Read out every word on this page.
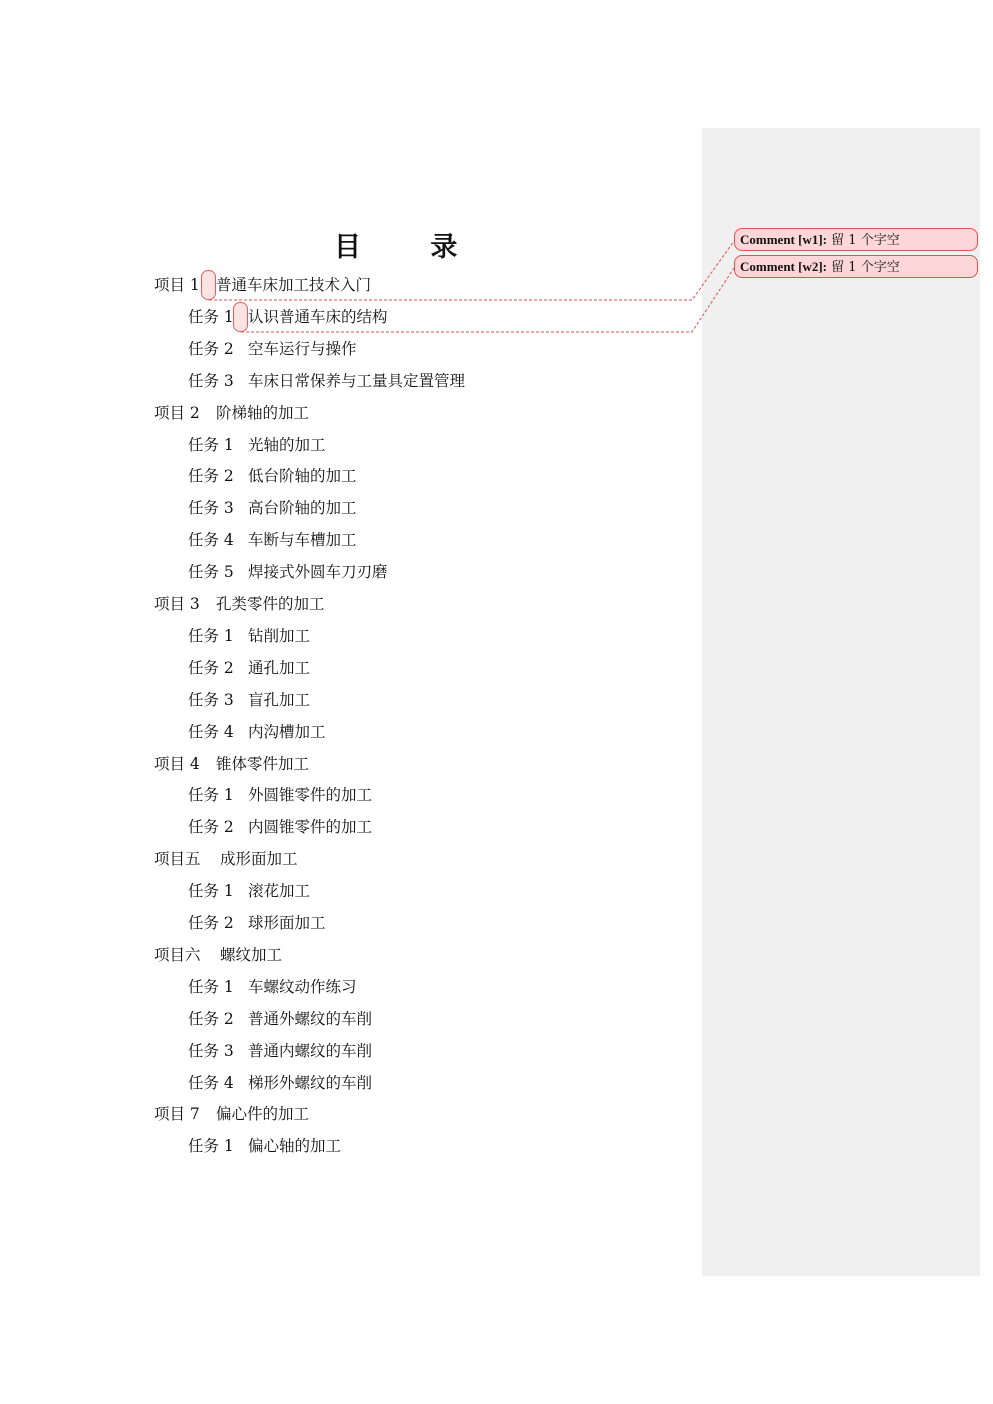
Comment [w1]: 留 1 个字空
Comment [w2]: 留 1 个字空
目 录
项目 1 普通车床加工技术入门
任务 1 认识普通车床的结构
任务 2 空车运行与操作
任务 3 车床日常保养与工量具定置管理
项目 2 阶梯轴的加工
任务 1 光轴的加工
任务 2 低台阶轴的加工
任务 3 高台阶轴的加工
任务 4 车断与车槽加工
任务 5 焊接式外圆车刀刃磨
项目 3 孔类零件的加工
任务 1 钻削加工
任务 2 通孔加工
任务 3 盲孔加工
任务 4 内沟槽加工
项目 4 锥体零件加工
任务 1 外圆锥零件的加工
任务 2 内圆锥零件的加工
项目五 成形面加工
任务 1 滚花加工
任务 2 球形面加工
项目六 螺纹加工
任务 1 车螺纹动作练习
任务 2 普通外螺纹的车削
任务 3 普通内螺纹的车削
任务 4 梯形外螺纹的车削
项目 7 偏心件的加工
任务 1 偏心轴的加工
